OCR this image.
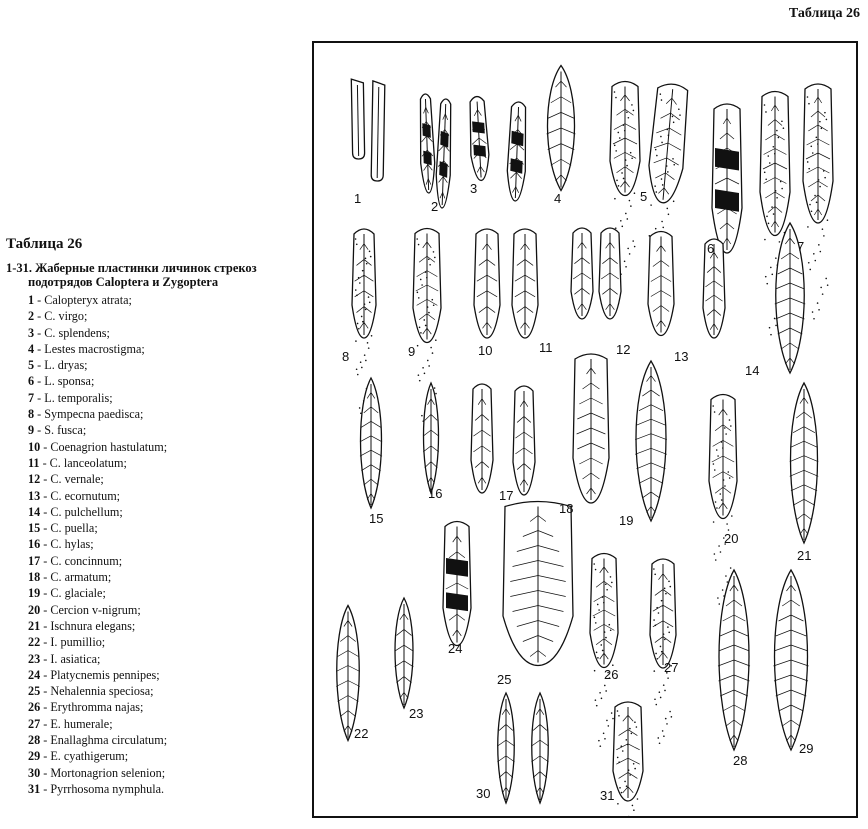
Таблица 26
Таблица 26
1-31. Жаберные пластинки личинок стрекоз
подотрядов Caloptera и Zygoptera
1 - Calopteryx atrata;
2 - C. virgo;
3 - C. splendens;
4 - Lestes macrostigma;
5 - L. dryas;
6 - L. sponsa;
7 - L. temporalis;
8 - Sympecna paedisca;
9 - S. fusca;
10 - Coenagrion hastulatum;
11 - C. lanceolatum;
12 - C. vernale;
13 - C. ecornutum;
14 - C. pulchellum;
15 - C. puella;
16 - C. hylas;
17 - C. concinnum;
18 - C. armatum;
19 - C. glaciale;
20 - Cercion v-nigrum;
21 - Ischnura elegans;
22 - I. pumillio;
23 - I. asiatica;
24 - Platycnemis pennipes;
25 - Nehalennia speciosa;
26 - Erythromma najas;
27 - E. humerale;
28 - Enallaghma circulatum;
29 - E. cyathigerum;
30 - Mortonagrion selenion;
31 - Pyrrhosoma nymphula.
1
2
3
4	5
6	7
8	9	10	11	12	13
14
15
16	17
18
19
20
21
22
23
24
25	26	27
28
29
30	31
